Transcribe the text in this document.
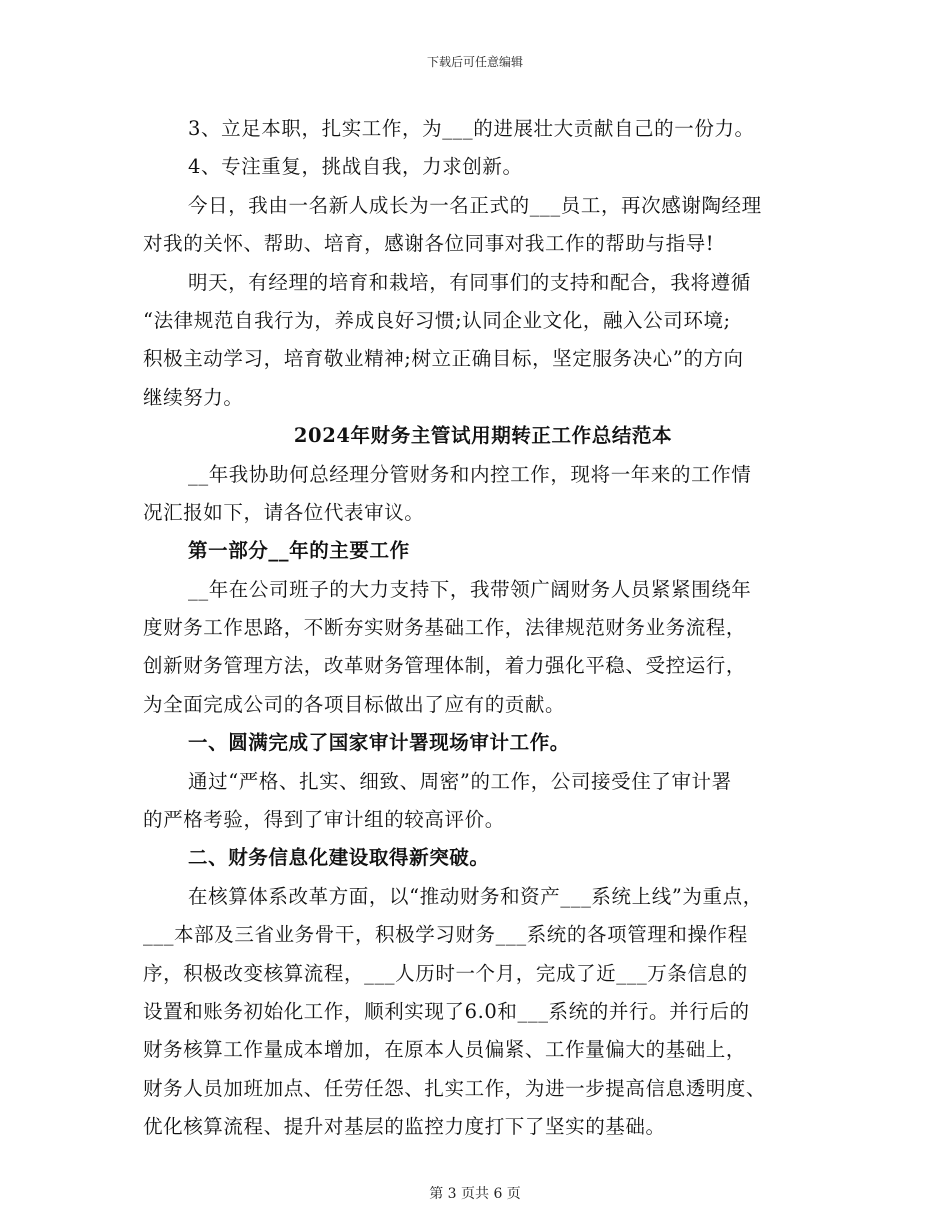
下载后可任意编辑
3、立足本职，扎实工作，为___的进展壮大贡献自己的一份力。
4、专注重复，挑战自我，力求创新。
今日，我由一名新人成长为一名正式的___员工，再次感谢陶经理
对我的关怀、帮助、培育，感谢各位同事对我工作的帮助与指导!
明天，有经理的培育和栽培，有同事们的支持和配合，我将遵循
“法律规范自我行为，养成良好习惯;认同企业文化，融入公司环境;
积极主动学习，培育敬业精神;树立正确目标，坚定服务决心”的方向
继续努力。
2024年财务主管试用期转正工作总结范本
__年我协助何总经理分管财务和内控工作，现将一年来的工作情
况汇报如下，请各位代表审议。
第一部分__年的主要工作
__年在公司班子的大力支持下，我带领广阔财务人员紧紧围绕年
度财务工作思路，不断夯实财务基础工作，法律规范财务业务流程，
创新财务管理方法，改革财务管理体制，着力强化平稳、受控运行，
为全面完成公司的各项目标做出了应有的贡献。
一、圆满完成了国家审计署现场审计工作。
通过“严格、扎实、细致、周密”的工作，公司接受住了审计署
的严格考验，得到了审计组的较高评价。
二、财务信息化建设取得新突破。
在核算体系改革方面，以“推动财务和资产___系统上线”为重点，
___本部及三省业务骨干，积极学习财务___系统的各项管理和操作程
序，积极改变核算流程，___人历时一个月，完成了近___万条信息的
设置和账务初始化工作，顺利实现了6.0和___系统的并行。并行后的
财务核算工作量成本增加，在原本人员偏紧、工作量偏大的基础上，
财务人员加班加点、任劳任怨、扎实工作，为进一步提高信息透明度、
优化核算流程、提升对基层的监控力度打下了坚实的基础。
第 3 页共 6 页
